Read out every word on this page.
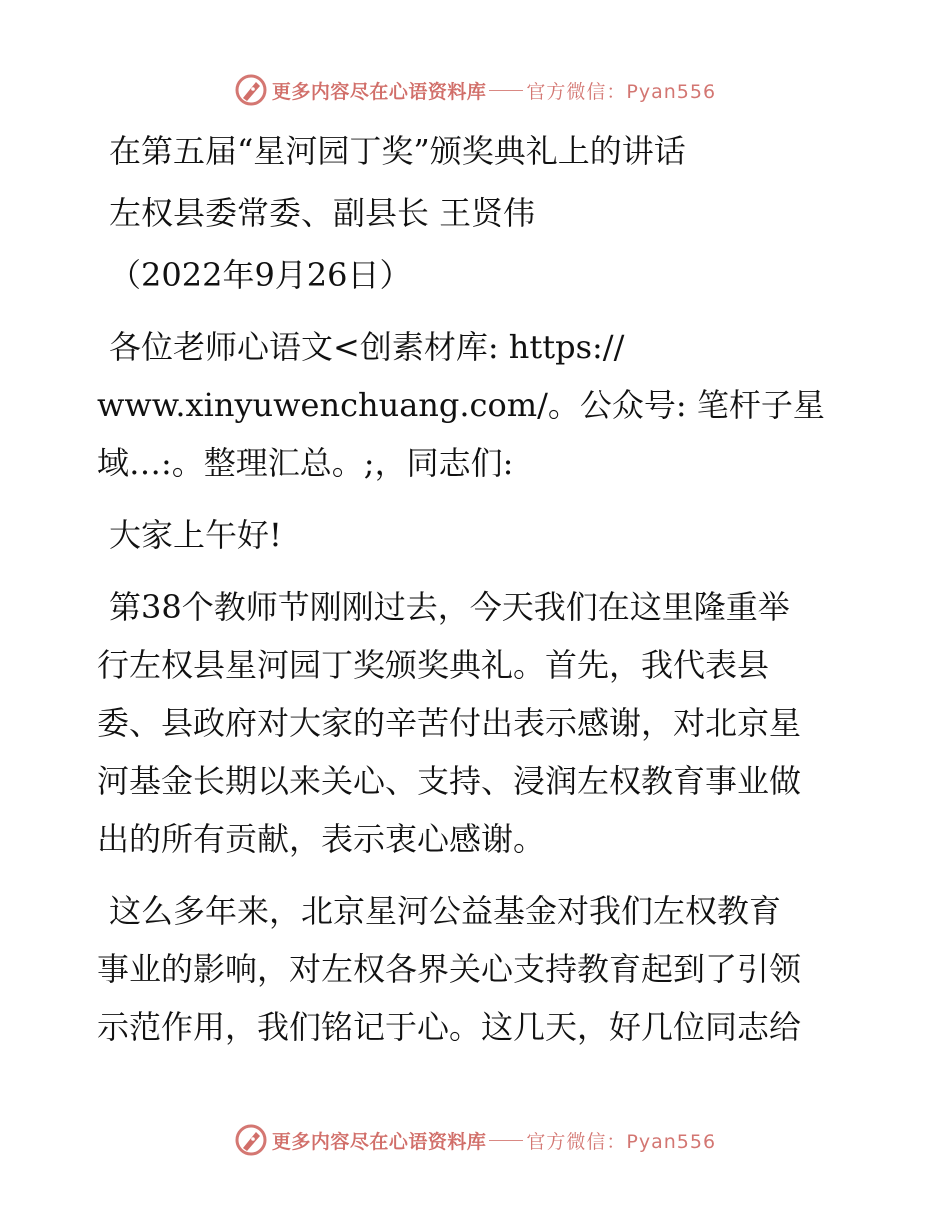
更多内容尽在心语资料库 官方微信：Pyan556

在第五届“星河园丁奖”颁奖典礼上的讲话

左权县委常委、副县长 王贤伟

（2022年9月26日）

各位老师心语文<创素材库: https://

www.xinyuwenchuang.com/。公众号: 笔杆子星

域…:。整理汇总。;，同志们:

大家上午好!

第38个教师节刚刚过去，今天我们在这里隆重举

行左权县星河园丁奖颁奖典礼。首先，我代表县

委、县政府对大家的辛苦付出表示感谢，对北京星

河基金长期以来关心、支持、浸润左权教育事业做

出的所有贡献，表示衷心感谢。

这么多年来，北京星河公益基金对我们左权教育

事业的影响，对左权各界关心支持教育起到了引领

示范作用，我们铭记于心。这几天，好几位同志给

更多内容尽在心语资料库 官方微信：Pyan556
